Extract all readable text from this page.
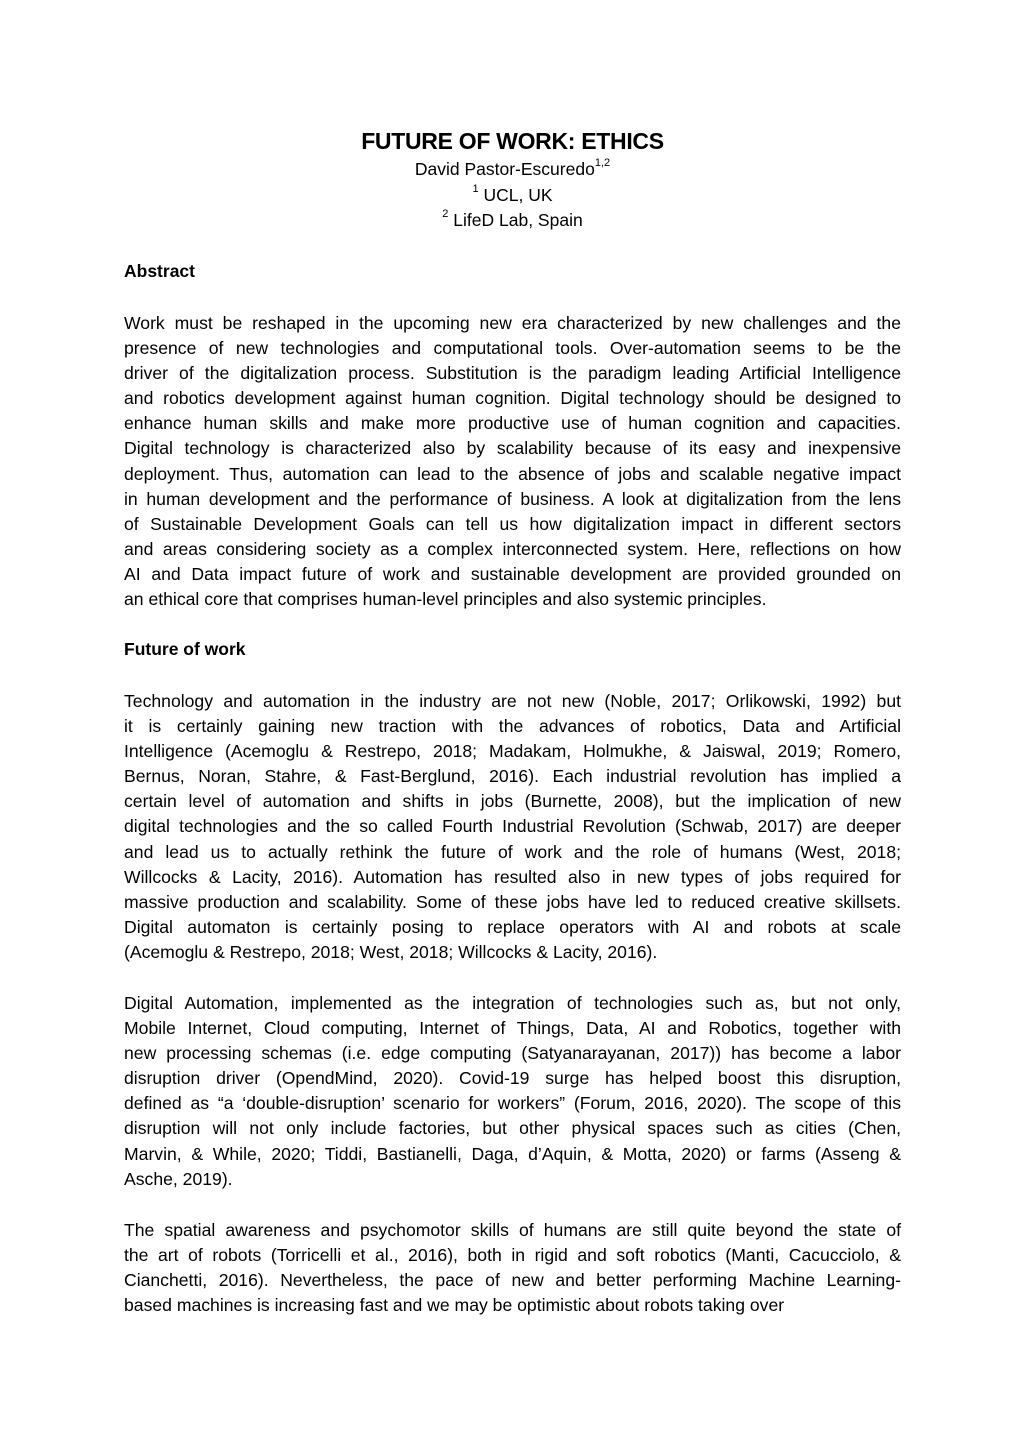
FUTURE OF WORK: ETHICS
David Pastor-Escuredo$^{1,2}$
$^1$ UCL, UK
$^2$ LifeD Lab, Spain
Abstract
Work must be reshaped in the upcoming new era characterized by new challenges and the
presence of new technologies and computational tools. Over-automation seems to be the
driver of the digitalization process. Substitution is the paradigm leading Artificial Intelligence
and robotics development against human cognition. Digital technology should be designed to
enhance human skills and make more productive use of human cognition and capacities.
Digital technology is characterized also by scalability because of its easy and inexpensive
deployment. Thus, automation can lead to the absence of jobs and scalable negative impact
in human development and the performance of business. A look at digitalization from the lens
of Sustainable Development Goals can tell us how digitalization impact in different sectors
and areas considering society as a complex interconnected system. Here, reflections on how
AI and Data impact future of work and sustainable development are provided grounded on
an ethical core that comprises human-level principles and also systemic principles.
Future of work
Technology and automation in the industry are not new (Noble, 2017; Orlikowski, 1992) but
it is certainly gaining new traction with the advances of robotics, Data and Artificial
Intelligence (Acemoglu & Restrepo, 2018; Madakam, Holmukhe, & Jaiswal, 2019; Romero,
Bernus, Noran, Stahre, & Fast-Berglund, 2016). Each industrial revolution has implied a
certain level of automation and shifts in jobs (Burnette, 2008), but the implication of new
digital technologies and the so called Fourth Industrial Revolution (Schwab, 2017) are deeper
and lead us to actually rethink the future of work and the role of humans (West, 2018;
Willcocks & Lacity, 2016). Automation has resulted also in new types of jobs required for
massive production and scalability. Some of these jobs have led to reduced creative skillsets.
Digital automaton is certainly posing to replace operators with AI and robots at scale
(Acemoglu & Restrepo, 2018; West, 2018; Willcocks & Lacity, 2016).
Digital Automation, implemented as the integration of technologies such as, but not only,
Mobile Internet, Cloud computing, Internet of Things, Data, AI and Robotics, together with
new processing schemas (i.e. edge computing (Satyanarayanan, 2017)) has become a labor
disruption driver (OpendMind, 2020). Covid-19 surge has helped boost this disruption,
defined as “a ‘double-disruption’ scenario for workers” (Forum, 2016, 2020). The scope of this
disruption will not only include factories, but other physical spaces such as cities (Chen,
Marvin, & While, 2020; Tiddi, Bastianelli, Daga, d’Aquin, & Motta, 2020) or farms (Asseng &
Asche, 2019).
The spatial awareness and psychomotor skills of humans are still quite beyond the state of
the art of robots (Torricelli et al., 2016), both in rigid and soft robotics (Manti, Cacucciolo, &
Cianchetti, 2016). Nevertheless, the pace of new and better performing Machine Learning-
based machines is increasing fast and we may be optimistic about robots taking over
